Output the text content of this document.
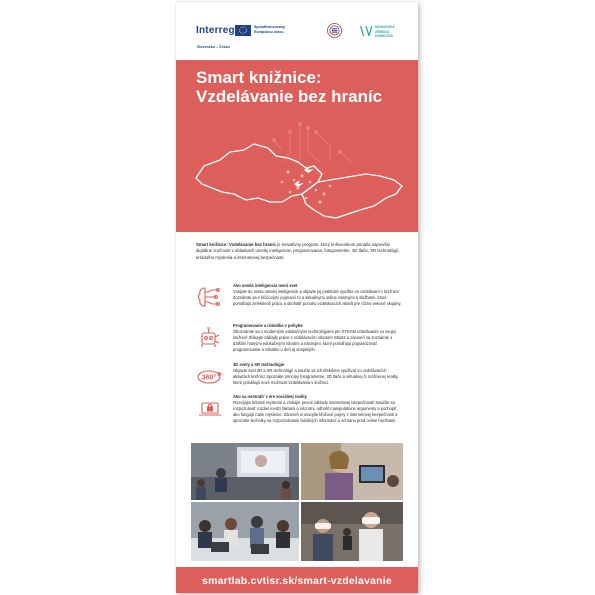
Interreg
Slovensko – Česko
Spolufinancovaný
Európskou úniou
MORAVSKÁ
ZEMSKÁ
KNIHOVNA
Smart knižnice:
Vzdelávanie bez hraníc
Smart knižnice: Vzdelávanie bez hraníc je inovatívny program, ktorý knihovníkom prináša najnovšie digitálne zručnosti v oblastiach umelej inteligencie, programovania, fotogrametrie, 3D tlače, XR technológií, kritického myslenia a internetovej bezpečnosti.
Ako umelá inteligencia mení svet
Vstúpte do sveta umelej inteligencie a objavte jej praktické využitie vo vzdelávaní v knižnici! Zoznámte sa s kľúčovými pojmami AI a aktuálnymi online nástrojmi a službami, ktoré pomáhajú zefektívniť prácu a obohatiť ponuku vzdelávacích aktivít pre rôzne vekové skupiny.
Programovanie a robotika v pohybe
Oboznámte sa s modernými edukačnými technológiami pre STEAM vzdelávanie vo svojej knižnici! Získajte základy práce s vzdelávacím robotom mBot2 a zároveň sa zoznámte s ďalšími hravými edukačnými robotmi a nástrojmi, ktoré pomáhajú popularizovať programovanie a robotiku u detí aj dospelých.
360°
3D svety a XR technológie
Objavte svet 3D a XR technológií a naučte sa ich efektívne využívať vo vzdelávacích aktivitách knižníc! Spoznáte princípy fotogrametrie, 3D tlače a virtuálnej či rozšírenej reality, ktoré prinášajú nové možnosti vzdelávania v knižnici.
Ako sa nestratiť v ére sociálnej reality
Rozvíjajte kritické myslenie a získajte pevné základy internetovej bezpečnosti! Naučíte sa rozpoznávať rozdiel medzi faktami a názormi, odhaliť manipulatívne argumenty a pochopiť, ako fungujú naše myslenie. Zároveň si osvojíte kľúčové pojmy z internetovej bezpečnosti a spoznáte techniky na rozpoznávanie falošných informácií a ochranu pred online hrozbami.
smartlab.cvtisr.sk/smart-vzdelavanie
